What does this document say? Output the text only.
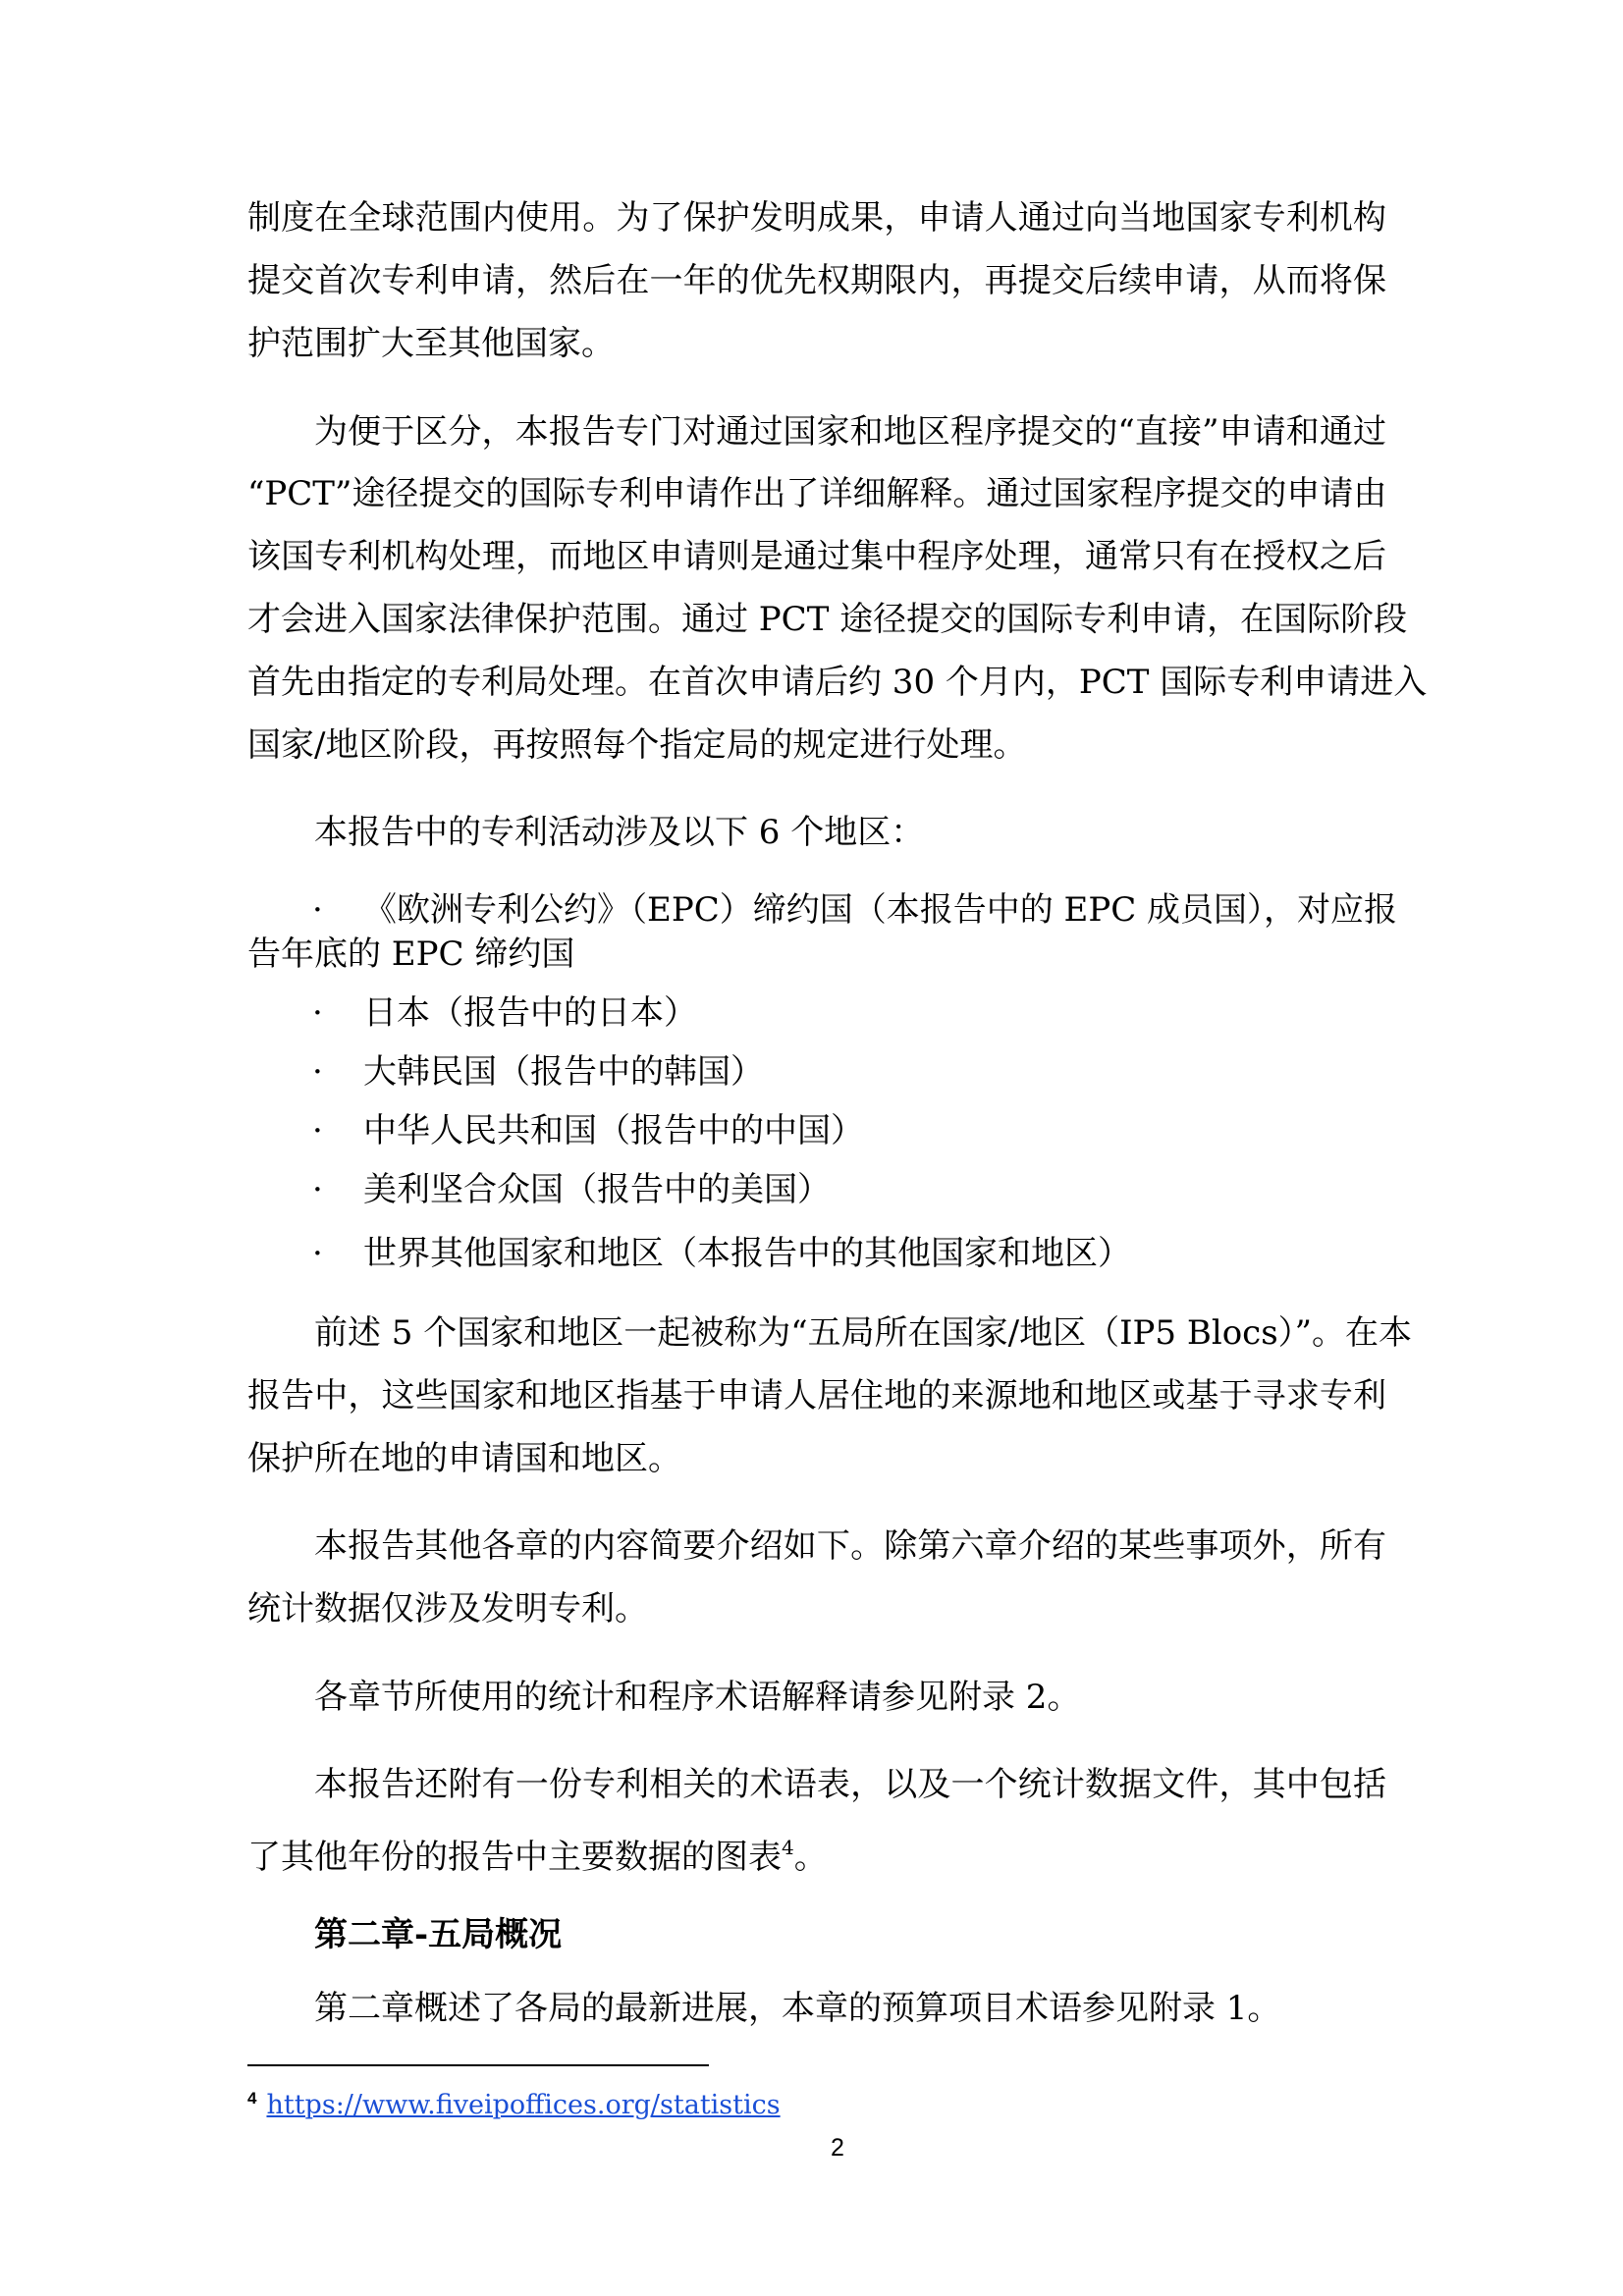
制度在全球范围内使用。为了保护发明成果，申请人通过向当地国家专利机构
提交首次专利申请，然后在一年的优先权期限内，再提交后续申请，从而将保
护范围扩大至其他国家。
为便于区分，本报告专门对通过国家和地区程序提交的“直接”申请和通过
“PCT”途径提交的国际专利申请作出了详细解释。通过国家程序提交的申请由
该国专利机构处理，而地区申请则是通过集中程序处理，通常只有在授权之后
才会进入国家法律保护范围。通过 PCT 途径提交的国际专利申请，在国际阶段
首先由指定的专利局处理。在首次申请后约 30 个月内，PCT 国际专利申请进入
国家/地区阶段，再按照每个指定局的规定进行处理。
本报告中的专利活动涉及以下 6 个地区：
· 《欧洲专利公约》（EPC）缔约国（本报告中的 EPC 成员国），对应报
告年底的 EPC 缔约国
· 日本（报告中的日本）
· 大韩民国（报告中的韩国）
· 中华人民共和国（报告中的中国）
· 美利坚合众国（报告中的美国）
· 世界其他国家和地区（本报告中的其他国家和地区）
前述 5 个国家和地区一起被称为“五局所在国家/地区（IP5 Blocs）”。在本
报告中，这些国家和地区指基于申请人居住地的来源地和地区或基于寻求专利
保护所在地的申请国和地区。
本报告其他各章的内容简要介绍如下。除第六章介绍的某些事项外，所有
统计数据仅涉及发明专利。
各章节所使用的统计和程序术语解释请参见附录 2。
本报告还附有一份专利相关的术语表，以及一个统计数据文件，其中包括
了其他年份的报告中主要数据的图表$^4$。
第二章-五局概况
第二章概述了各局的最新进展，本章的预算项目术语参见附录 1。
$^4$ https://www.fiveipoffices.org/statistics
2
